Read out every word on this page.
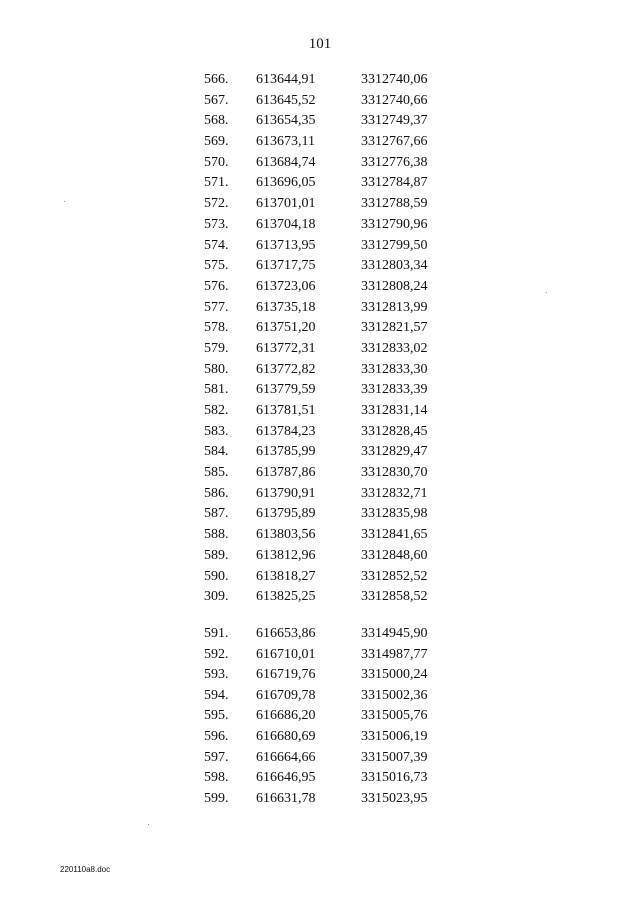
101
566. 613644,91	3312740,06
567. 613645,52	3312740,66
568. 613654,35	3312749,37
569. 613673,11	3312767,66
570. 613684,74	3312776,38
571. 613696,05	3312784,87
572. 613701,01	3312788,59
573. 613704,18	3312790,96
574. 613713,95	3312799,50
575. 613717,75	3312803,34
576. 613723,06	3312808,24
577. 613735,18	3312813,99
578. 613751,20	3312821,57
579. 613772,31	3312833,02
580. 613772,82	3312833,30
581. 613779,59	3312833,39
582. 613781,51	3312831,14
583. 613784,23	3312828,45
584. 613785,99	3312829,47
585. 613787,86	3312830,70
586. 613790,91	3312832,71
587. 613795,89	3312835,98
588. 613803,56	3312841,65
589. 613812,96	3312848,60
590. 613818,27	3312852,52
309. 613825,25	3312858,52
591. 616653,86	3314945,90
592. 616710,01	3314987,77
593. 616719,76	3315000,24
594. 616709,78	3315002,36
595. 616686,20	3315005,76
596. 616680,69	3315006,19
597. 616664,66	3315007,39
598. 616646,95	3315016,73
599. 616631,78	3315023,95
220110a8.doc
